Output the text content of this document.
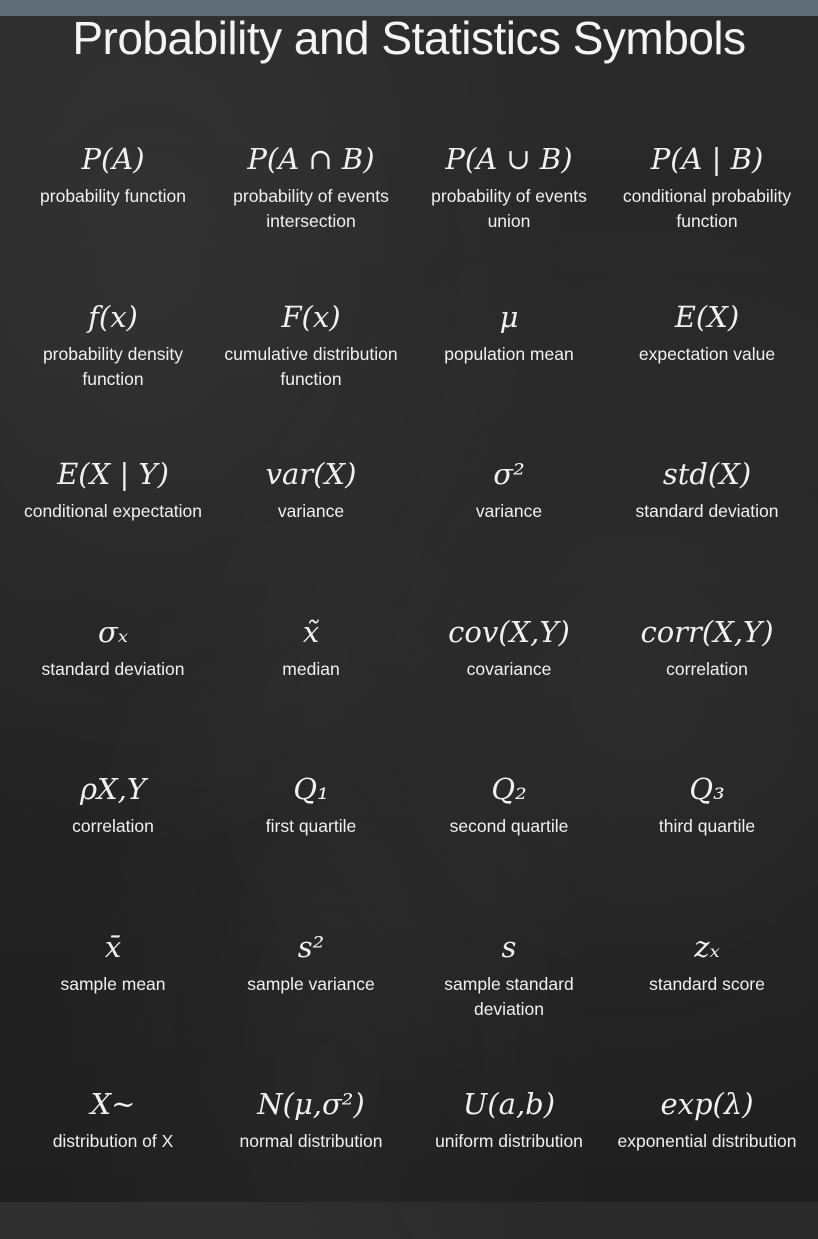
Probability and Statistics Symbols
P(A)
probability function
P(A ∩ B)
probability of events intersection
P(A ∪ B)
probability of events union
P(A | B)
conditional probability function
f(x)
probability density function
F(x)
cumulative distribution function
μ
population mean
E(X)
expectation value
E(X | Y)
conditional expectation
var(X)
variance
σ²
variance
std(X)
standard deviation
σₓ
standard deviation
x̃
median
cov(X,Y)
covariance
corr(X,Y)
correlation
ρX,Y
correlation
Q₁
first quartile
Q₂
second quartile
Q₃
third quartile
x̄
sample mean
s²
sample variance
s
sample standard deviation
zₓ
standard score
X~
distribution of X
N(μ,σ²)
normal distribution
U(a,b)
uniform distribution
exp(λ)
exponential distribution
